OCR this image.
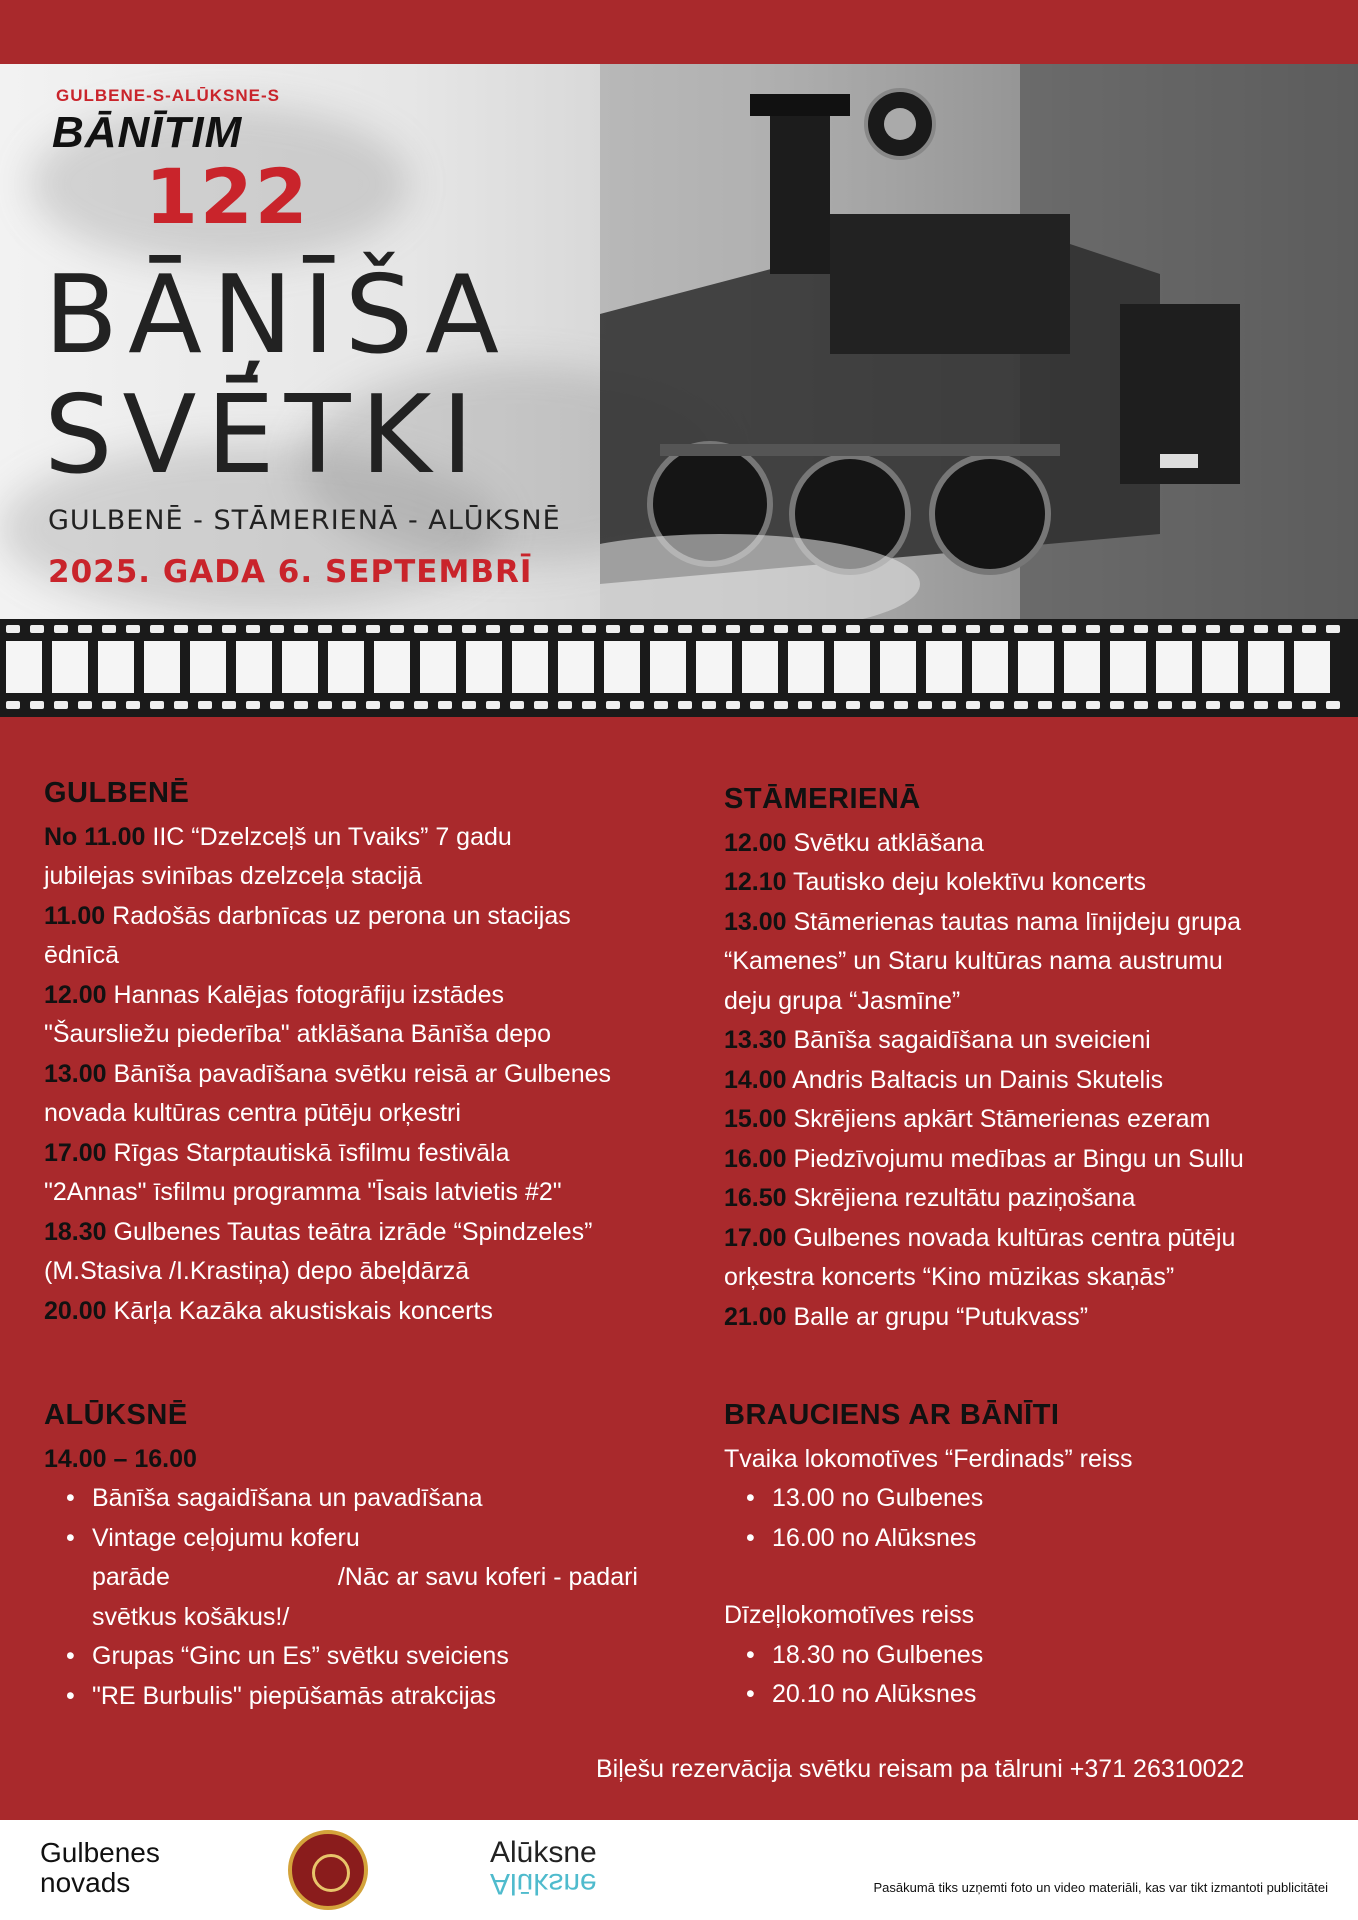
GULBENE-S-ALŪKSNE-S
BĀNĪTIM
122
BĀŅĪŠA
SVĒTKI
GULBENĒ - STĀMERIENĀ - ALŪKSNĒ
2025. GADA 6. SEPTEMBRĪ
GULBENĒ
No 11.00 IIC “Dzelzceļš un Tvaiks” 7 gadu
jubilejas svinības dzelzceļa stacijā
11.00 Radošās darbnīcas uz perona un stacijas
ēdnīcā
12.00 Hannas Kalējas fotogrāfiju izstādes
"Šaursliežu piederība" atklāšana Bānīša depo
13.00 Bānīša pavadīšana svētku reisā ar Gulbenes
novada kultūras centra pūtēju orķestri
17.00 Rīgas Starptautiskā īsfilmu festivāla
"2Annas" īsfilmu programma "Īsais latvietis #2"
18.30 Gulbenes Tautas teātra izrāde “Spindzeles”
(M.Stasiva /I.Krastiņa) depo ābeļdārzā
20.00 Kārļa Kazāka akustiskais koncerts
STĀMERIENĀ
12.00 Svētku atklāšana
12.10 Tautisko deju kolektīvu koncerts
13.00 Stāmerienas tautas nama līnijdeju grupa
“Kamenes” un Staru kultūras nama austrumu
deju grupa “Jasmīne”
13.30 Bānīša sagaidīšana un sveicieni
14.00 Andris Baltacis un Dainis Skutelis
15.00 Skrējiens apkārt Stāmerienas ezeram
16.00 Piedzīvojumu medības ar Bingu un Sullu
16.50 Skrējiena rezultātu paziņošana
17.00 Gulbenes novada kultūras centra pūtēju
orķestra koncerts “Kino mūzikas skaņās”
21.00 Balle ar grupu “Putukvass”
ALŪKSNĒ
14.00 – 16.00
• Bānīša sagaidīšana un pavadīšana
• Vintage ceļojumu koferu
parāde	/Nāc ar savu koferi - padari
svētkus košākus!/
• Grupas “Ginc un Es” svētku sveiciens
• "RE Burbulis" piepūšamās atrakcijas
BRAUCIENS AR BĀNĪTI
Tvaika lokomotīves “Ferdinads” reiss
• 13.00 no Gulbenes
• 16.00 no Alūksnes
Dīzeļlokomotīves reiss
• 18.30 no Gulbenes
• 20.10 no Alūksnes
Biļešu rezervācija svētku reisam pa tālruni +371 26310022
Gulbenes
novads
Alūksne
Alūksne	Pasākumā tiks uzņemti foto un video materiāli, kas var tikt izmantoti publicitātei
